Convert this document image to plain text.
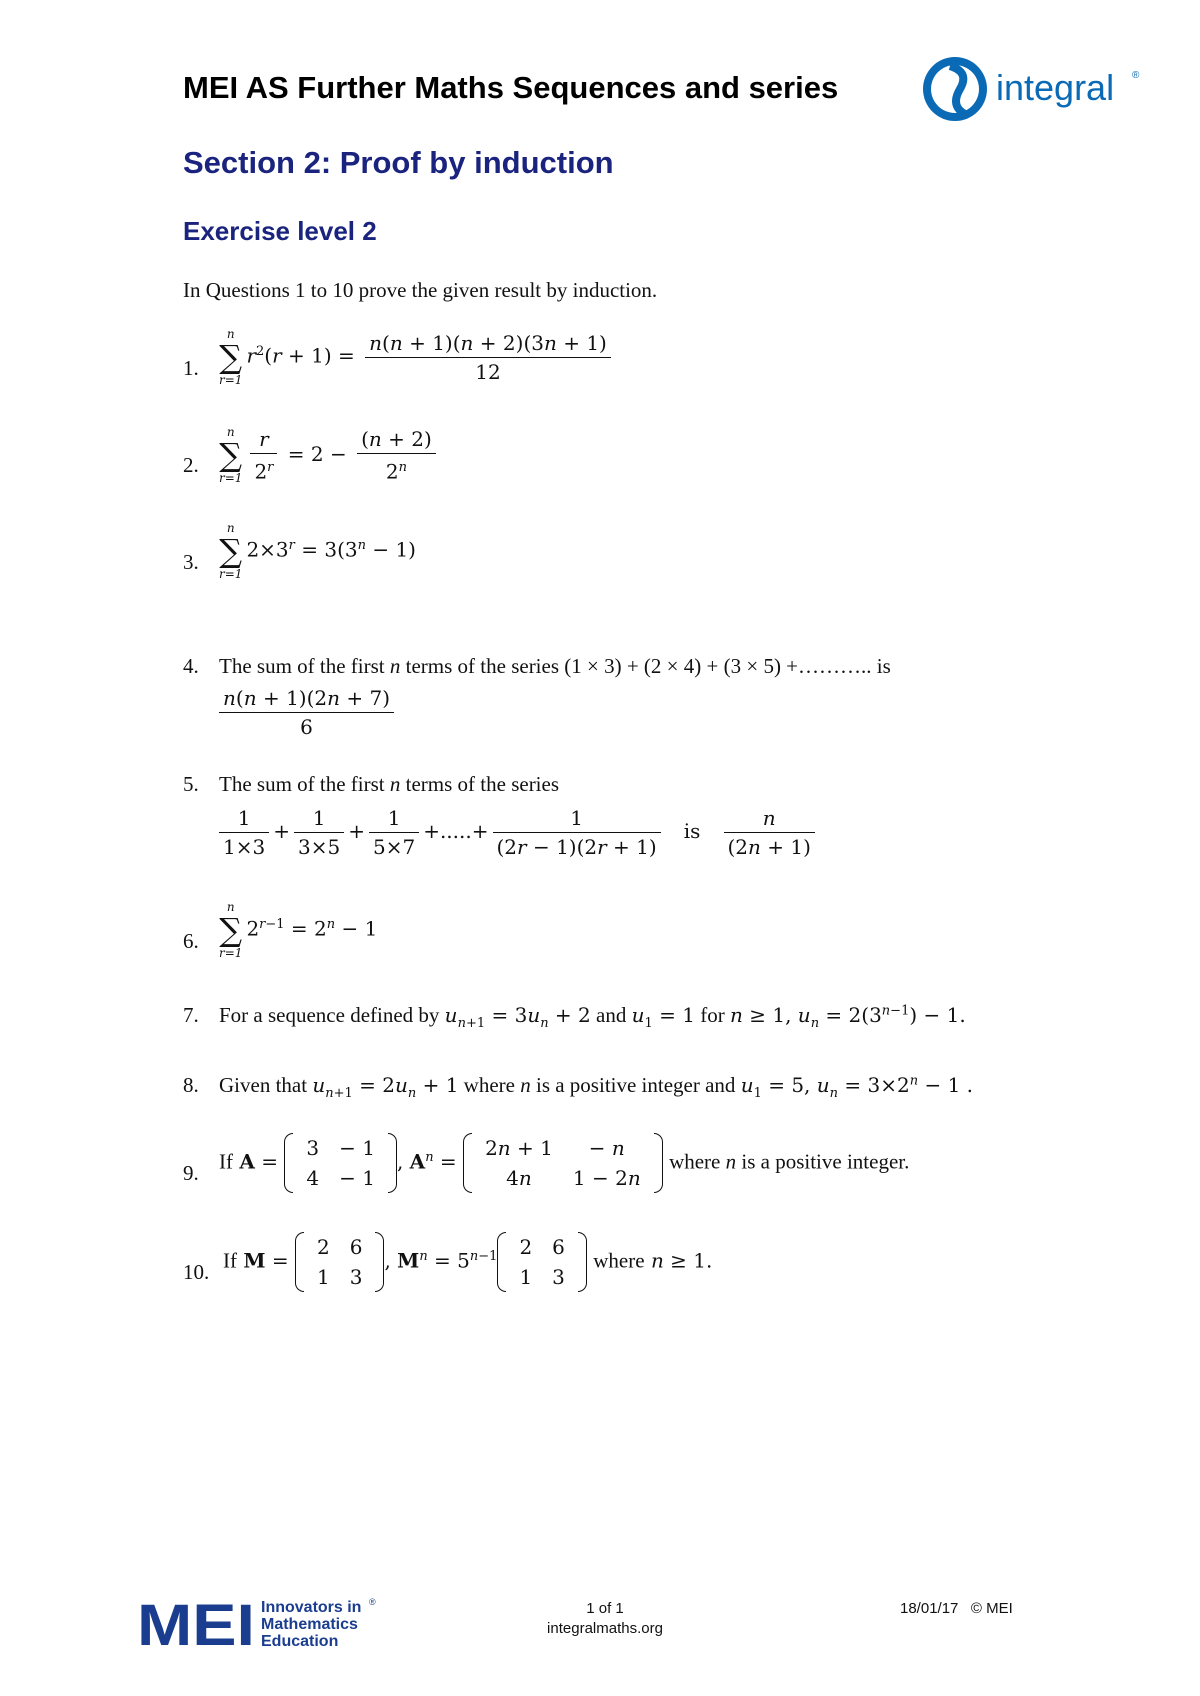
MEI AS Further Maths Sequences and series	integral ®
Section 2: Proof by induction
Exercise level 2
In Questions 1 to 10 prove the given result by induction.
1.
n
∑
r=1
$r^2(r + 1) = \frac{n(n + 1)(n + 2)(3n + 1)}{12}$
2.
n
∑
$r=1 \frac{r}{2^r} = 2 - \frac{(n + 2)}{2^n}$
3.
n
∑
r=1
$2\times 3^r = 3(3^n - 1)$
4. The sum of the first n terms of the series (1 × 3) + (2 × 4) + (3 × 5) +……….. is
$\frac{n(n + 1)(2n + 7)}{6}$
5. The sum of the first n terms of the series
$\frac{1}{1\times 3} + \frac{1}{3\times 5} + \frac{1}{5\times 7}$ +.....+ $\frac{1}{(2r - 1)(2r + 1)}$ is $\frac{n}{(2n + 1)}$
6.
n
∑
r=1
$2^{r-1} = 2^n - 1$
7. For a sequence defined by $u_{n+1} = 3u_n + 2$ and $u_1 = 1$ for n ≥ 1, $u_n = 2(3^{n-1}) - 1$.
8. Given that $u_{n+1} = 2u_n + 1$ where n is a positive integer and $u_1 = 5$, $u_n = 3\times 2^n - 1$ .
9. If A =
3	− 1
4	− 1
, $A^n$ =
2n + 1	− n
4n	1 − 2n
where n is a positive integer.
10. If M =
2	6
1	3
, $M^n = 5^{n-1}$ 2	6
1	3
where n ≥ 1.
MEI Innovators in ®
Mathematics
Education
1 of 1
integralmaths.org
18/01/17 © MEI
